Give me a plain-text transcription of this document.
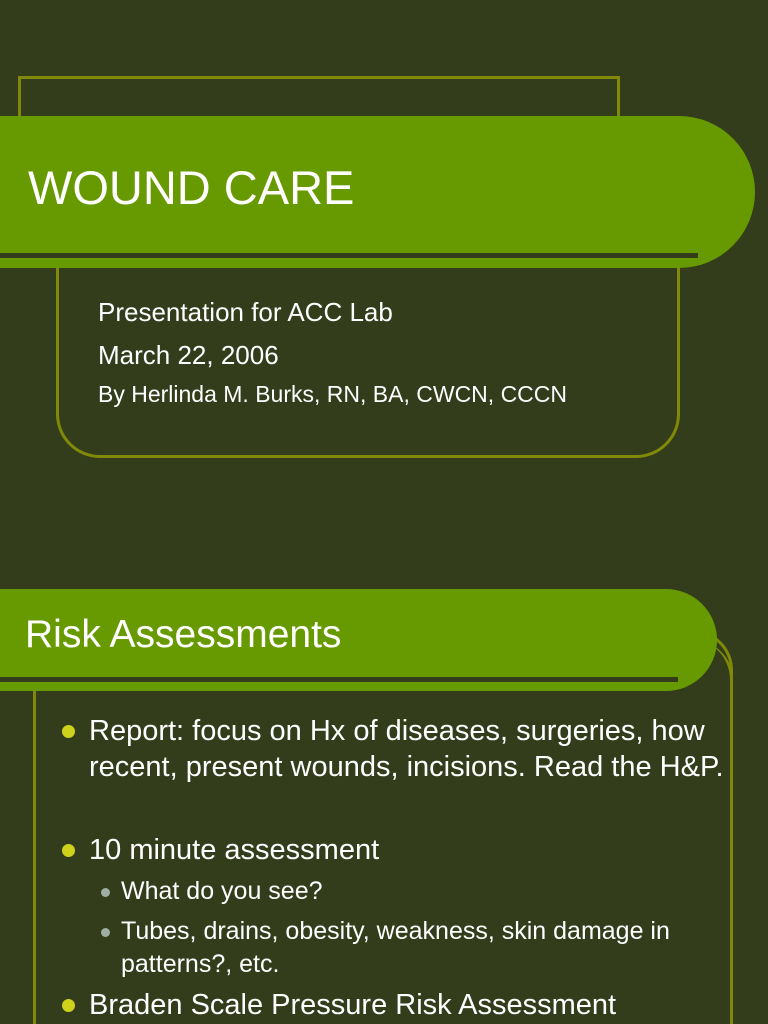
WOUND CARE
Presentation for ACC Lab
March 22, 2006
By Herlinda M. Burks, RN, BA, CWCN, CCCN
Risk Assessments
Report: focus on Hx of diseases, surgeries, how recent, present wounds, incisions. Read the H&P.
10 minute assessment
What do you see?
Tubes, drains, obesity, weakness, skin damage in patterns?, etc.
Braden Scale Pressure Risk Assessment
